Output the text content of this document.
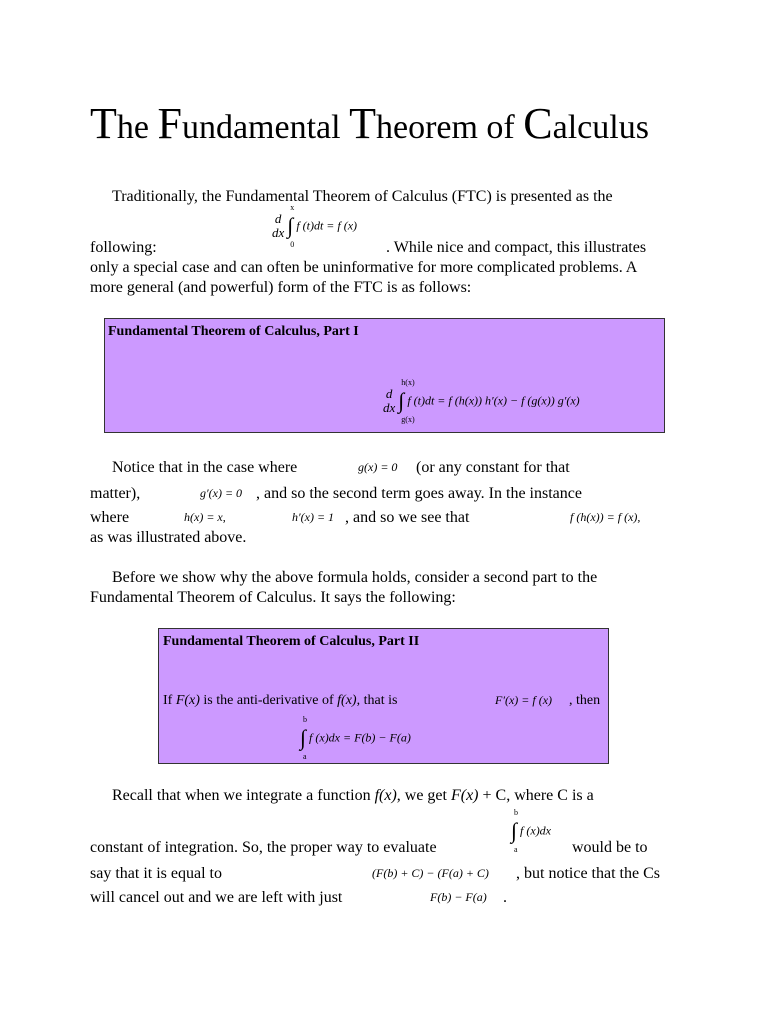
The Fundamental Theorem of Calculus
Traditionally, the Fundamental Theorem of Calculus (FTC) is presented as the
d
dx ∫
x
0
f (t)dt = f (x)
following:	. While nice and compact, this illustrates
only a special case and can often be uninformative for more complicated problems. A
more general (and powerful) form of the FTC is as follows:
Fundamental Theorem of Calculus, Part I
d
dx ∫
h(x)
g(x)
f (t)dt = f (h(x)) h′(x) − f (g(x)) g′(x)
Notice that in the case where	g(x) = 0 (or any constant for that
matter),	g′(x) = 0 , and so the second term goes away. In the instance
where	h(x) = x,	h′(x) = 1 , and so we see that	f (h(x)) = f (x),
as was illustrated above.
Before we show why the above formula holds, consider a second part to the
Fundamental Theorem of Calculus. It says the following:
Fundamental Theorem of Calculus, Part II
If F(x) is the anti-derivative of f(x), that is	F′(x) = f (x) , then
∫
b
a
f (x)dx = F(b) − F(a)
Recall that when we integrate a function f(x), we get F(x) + C, where C is a
constant of integration. So, the proper way to evaluate
∫
b
a
f (x)dx
would be to
say that it is equal to	(F(b) + C) − (F(a) + C) , but notice that the Cs
will cancel out and we are left with just	F(b) − F(a) .
